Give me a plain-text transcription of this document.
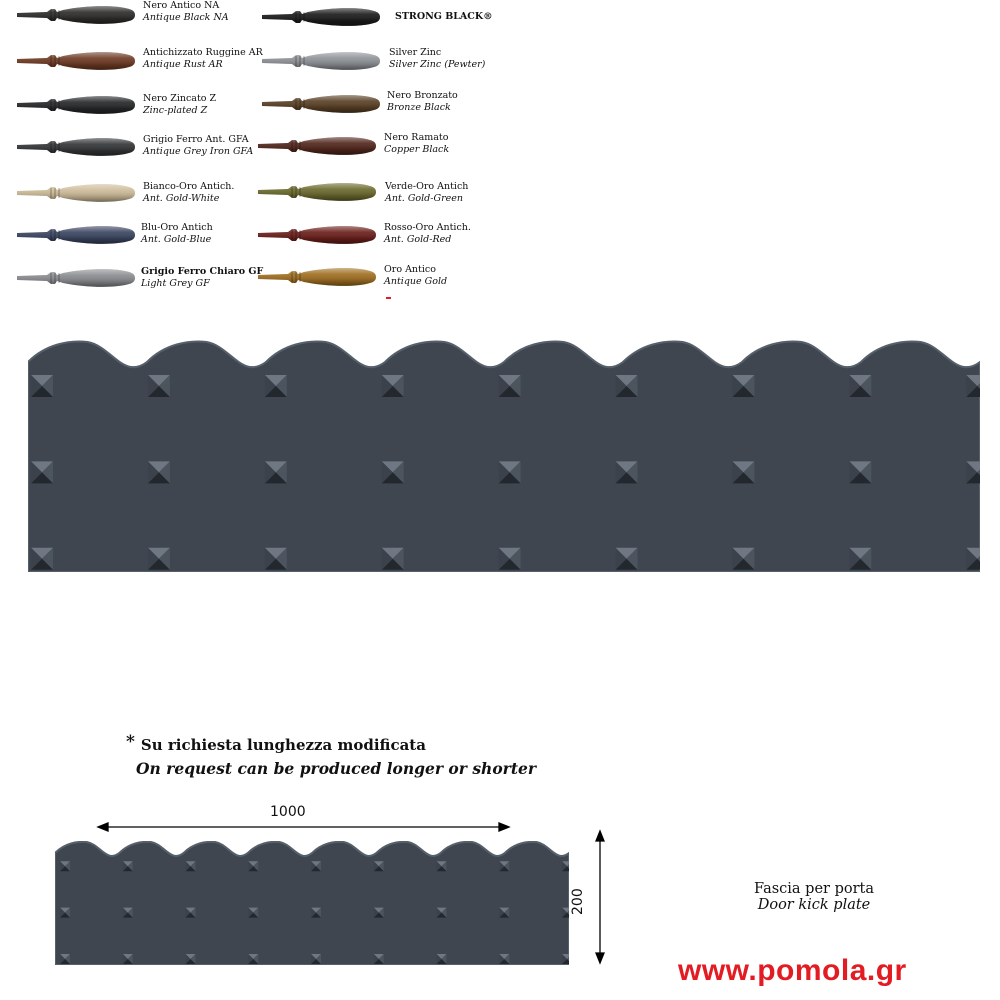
Nero Antico NA
Antique Black NA
Antichizzato Ruggine AR
Antique Rust AR
Nero Zincato Z
Zinc-plated Z
Grigio Ferro Ant. GFA
Antique Grey Iron GFA
Bianco-Oro Antich.
Ant. Gold-White
Blu-Oro Antich
Ant. Gold-Blue
Grigio Ferro Chiaro GF
Light Grey GF
STRONG BLACK®
Silver Zinc
Silver Zinc (Pewter)
Nero Bronzato
Bronze Black
Nero Ramato
Copper Black
Verde-Oro Antich
Ant. Gold-Green
Rosso-Oro Antich.
Ant. Gold-Red
Oro Antico
Antique Gold
* Su richiesta lunghezza modificata
On request can be produced longer or shorter
1000
200	Fascia per porta
Door kick plate
www.pomola.gr
